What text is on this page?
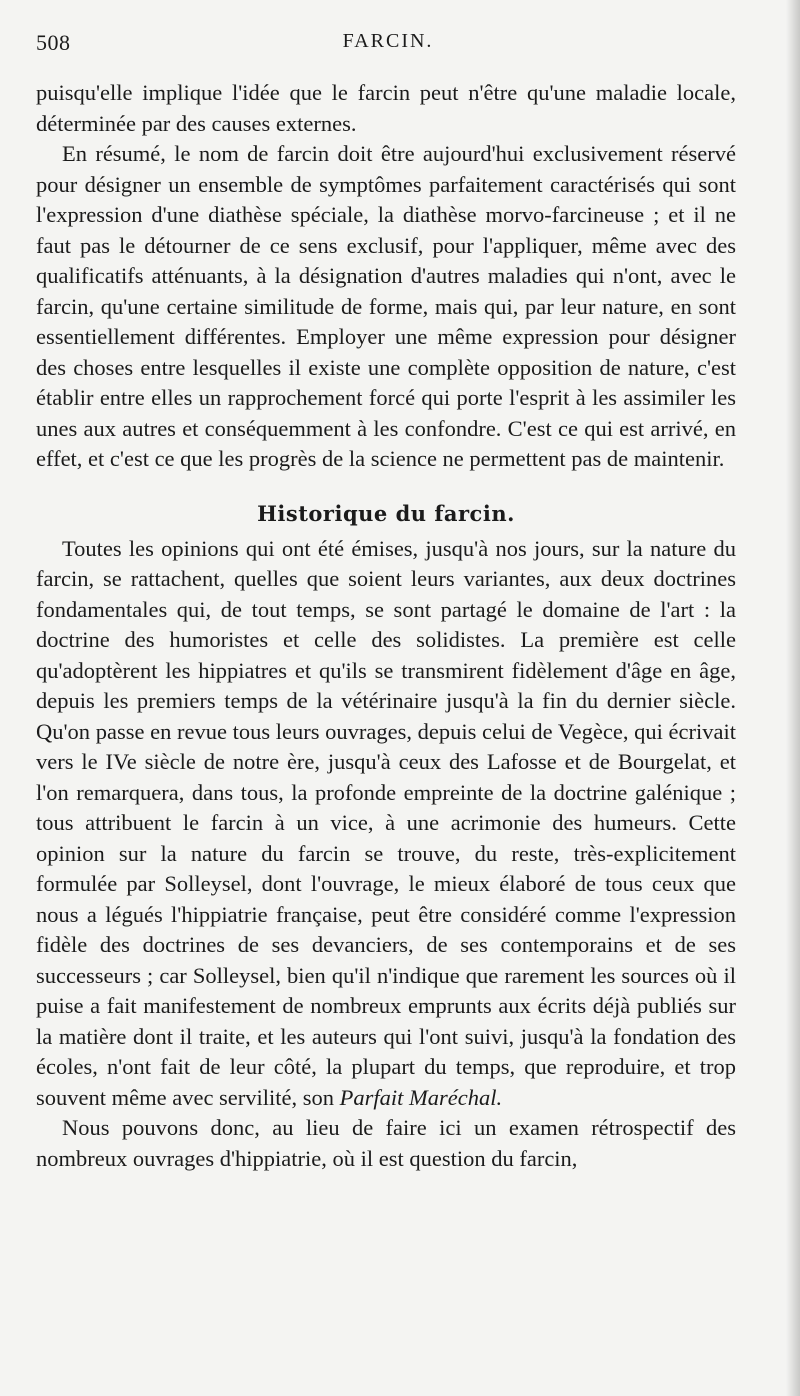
508	FARCIN.

puisqu'elle implique l'idée que le farcin peut n'être qu'une maladie locale, déterminée par des causes externes.

En résumé, le nom de farcin doit être aujourd'hui exclusivement réservé pour désigner un ensemble de symptômes parfaitement caractérisés qui sont l'expression d'une diathèse spéciale, la diathèse morvo-farcineuse ; et il ne faut pas le détourner de ce sens exclusif, pour l'appliquer, même avec des qualificatifs atténuants, à la désignation d'autres maladies qui n'ont, avec le farcin, qu'une certaine similitude de forme, mais qui, par leur nature, en sont essentiellement différentes. Employer une même expression pour désigner des choses entre lesquelles il existe une complète opposition de nature, c'est établir entre elles un rapprochement forcé qui porte l'esprit à les assimiler les unes aux autres et conséquemment à les confondre. C'est ce qui est arrivé, en effet, et c'est ce que les progrès de la science ne permettent pas de maintenir.

Historique du farcin.

Toutes les opinions qui ont été émises, jusqu'à nos jours, sur la nature du farcin, se rattachent, quelles que soient leurs variantes, aux deux doctrines fondamentales qui, de tout temps, se sont partagé le domaine de l'art : la doctrine des humoristes et celle des solidistes. La première est celle qu'adoptèrent les hippiatres et qu'ils se transmirent fidèlement d'âge en âge, depuis les premiers temps de la vétérinaire jusqu'à la fin du dernier siècle. Qu'on passe en revue tous leurs ouvrages, depuis celui de Vegèce, qui écrivait vers le IVe siècle de notre ère, jusqu'à ceux des Lafosse et de Bourgelat, et l'on remarquera, dans tous, la profonde empreinte de la doctrine galénique ; tous attribuent le farcin à un vice, à une acrimonie des humeurs. Cette opinion sur la nature du farcin se trouve, du reste, très-explicitement formulée par Solleysel, dont l'ouvrage, le mieux élaboré de tous ceux que nous a légués l'hippiatrie française, peut être considéré comme l'expression fidèle des doctrines de ses devanciers, de ses contemporains et de ses successeurs ; car Solleysel, bien qu'il n'indique que rarement les sources où il puise a fait manifestement de nombreux emprunts aux écrits déjà publiés sur la matière dont il traite, et les auteurs qui l'ont suivi, jusqu'à la fondation des écoles, n'ont fait de leur côté, la plupart du temps, que reproduire, et trop souvent même avec servilité, son Parfait Maréchal.

Nous pouvons donc, au lieu de faire ici un examen rétrospectif des nombreux ouvrages d'hippiatrie, où il est question du farcin,
